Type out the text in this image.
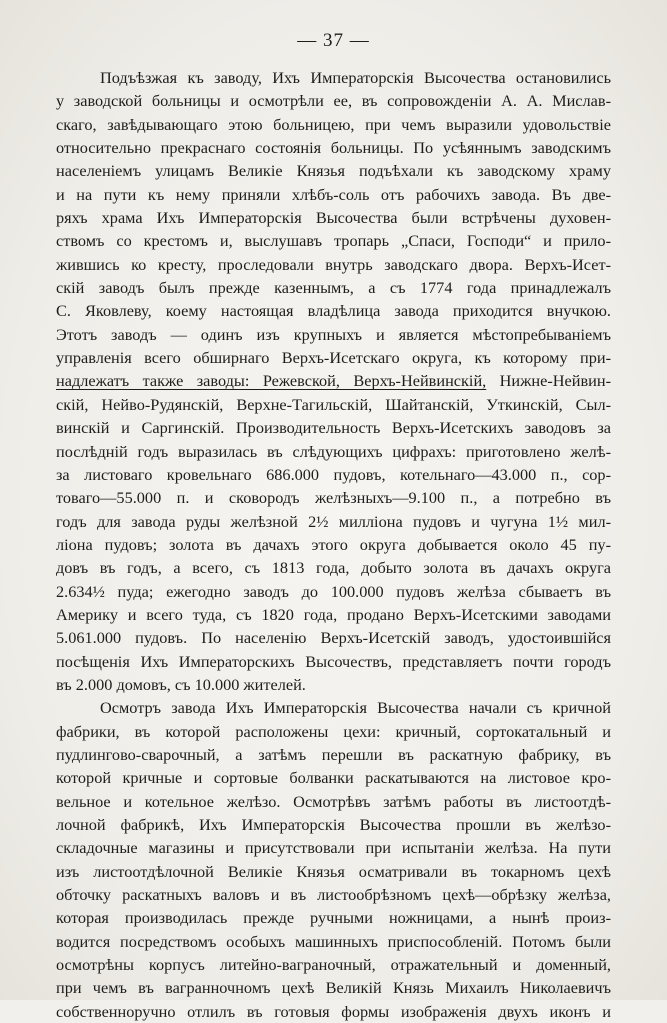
— 37 —
Подъѣзжая къ заводу, Ихъ Императорскія Высочества остановились
у заводской больницы и осмотрѣли ее, въ сопровожденіи А. А. Мислав-
скаго, завѣдывающаго этою больницею, при чемъ выразили удовольствіе
относительно прекраснаго состоянія больницы. По усѣяннымъ заводскимъ
населеніемъ улицамъ Великіе Князья подъѣхали къ заводскому храму
и на пути къ нему приняли хлѣбъ-соль отъ рабочихъ завода. Въ две-
ряхъ храма Ихъ Императорскія Высочества были встрѣчены духовен-
ствомъ со крестомъ и, выслушавъ тропарь „Спаси, Господи“ и прило-
жившись ко кресту, проследовали внутрь заводскаго двора. Верхъ-Исет-
скій заводъ былъ прежде казеннымъ, а съ 1774 года принадлежалъ
С. Яковлеву, коему настоящая владѣлица завода приходится внучкою.
Этотъ заводъ — одинъ изъ крупныхъ и является мѣстопребываніемъ
управленія всего обширнаго Верхъ-Исетскаго округа, къ которому при-
надлежатъ также заводы: Режевской, Верхъ-Нейвинскій, Нижне-Нейвин-
скій, Нейво-Рудянскій, Верхне-Тагильскій, Шайтанскій, Уткинскій, Сыл-
винскій и Саргинскій. Производительность Верхъ-Исетскихъ заводовъ за
послѣдній годъ выразилась въ слѣдующихъ цифрахъ: приготовлено желѣ-
за листоваго кровельнаго 686.000 пудовъ, котельнаго—43.000 п., сор-
товаго—55.000 п. и сковородъ желѣзныхъ—9.100 п., а потребно въ
годъ для завода руды желѣзной 2½ милліона пудовъ и чугуна 1½ мил-
ліона пудовъ; золота въ дачахъ этого округа добывается около 45 пу-
довъ въ годъ, а всего, съ 1813 года, добыто золота въ дачахъ округа
2.634½ пуда; ежегодно заводъ до 100.000 пудовъ желѣза сбываетъ въ
Америку и всего туда, съ 1820 года, продано Верхъ-Исетскими заводами
5.061.000 пудовъ. По населенію Верхъ-Исетскій заводъ, удостоившійся
посѣщенія Ихъ Императорскихъ Высочествъ, представляетъ почти городъ
въ 2.000 домовъ, съ 10.000 жителей.
Осмотръ завода Ихъ Императорскія Высочества начали съ кричной
фабрики, въ которой расположены цехи: кричный, сортокатальный и
пудлингово-сварочный, а затѣмъ перешли въ раскатную фабрику, въ
которой кричные и сортовые болванки раскатываются на листовое кро-
вельное и котельное желѣзо. Осмотрѣвъ затѣмъ работы въ листоотдѣ-
лочной фабрикѣ, Ихъ Императорскія Высочества прошли въ желѣзо-
складочные магазины и присутствовали при испытаніи желѣза. На пути
изъ листоотдѣлочной Великіе Князья осматривали въ токарномъ цехѣ
обточку раскатныхъ валовъ и въ листообрѣзномъ цехѣ—обрѣзку желѣза,
которая производилась прежде ручными ножницами, а нынѣ произ-
водится посредствомъ особыхъ машинныхъ приспособленій. Потомъ были
осмотрѣны корпусъ литейно-ваграночный, отражательный и доменный,
при чемъ въ вагранночномъ цехѣ Великій Князь Михаилъ Николаевичъ
собственноручно отлилъ въ готовыя формы изображенія двухъ иконъ и
